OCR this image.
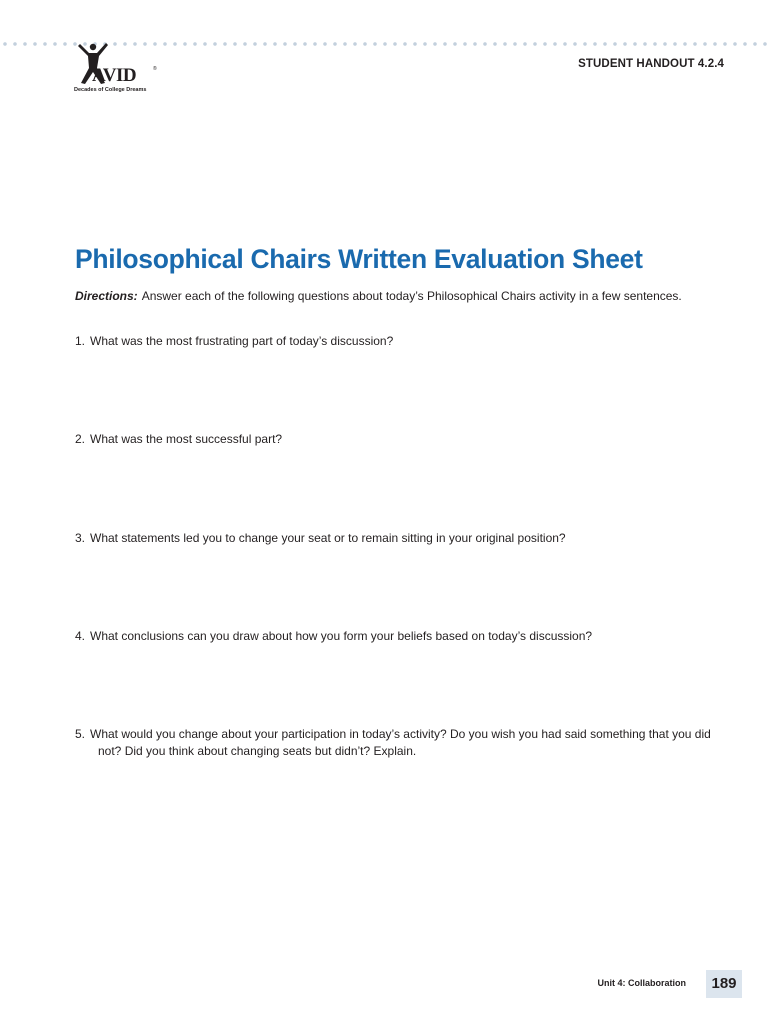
AVID	®
Decades of College Dreams
STUDENT HANDOUT 4.2.4
Philosophical Chairs Written Evaluation Sheet

Directions: Answer each of the following questions about today’s Philosophical Chairs activity in a few sentences.

1. What was the most frustrating part of today’s discussion?
2. What was the most successful part?
3. What statements led you to change your seat or to remain sitting in your original position?
4. What conclusions can you draw about how you form your beliefs based on today’s discussion?
5. What would you change about your participation in today’s activity? Do you wish you had said something that you did not? Did you think about changing seats but didn’t? Explain.
Unit 4: Collaboration	189
